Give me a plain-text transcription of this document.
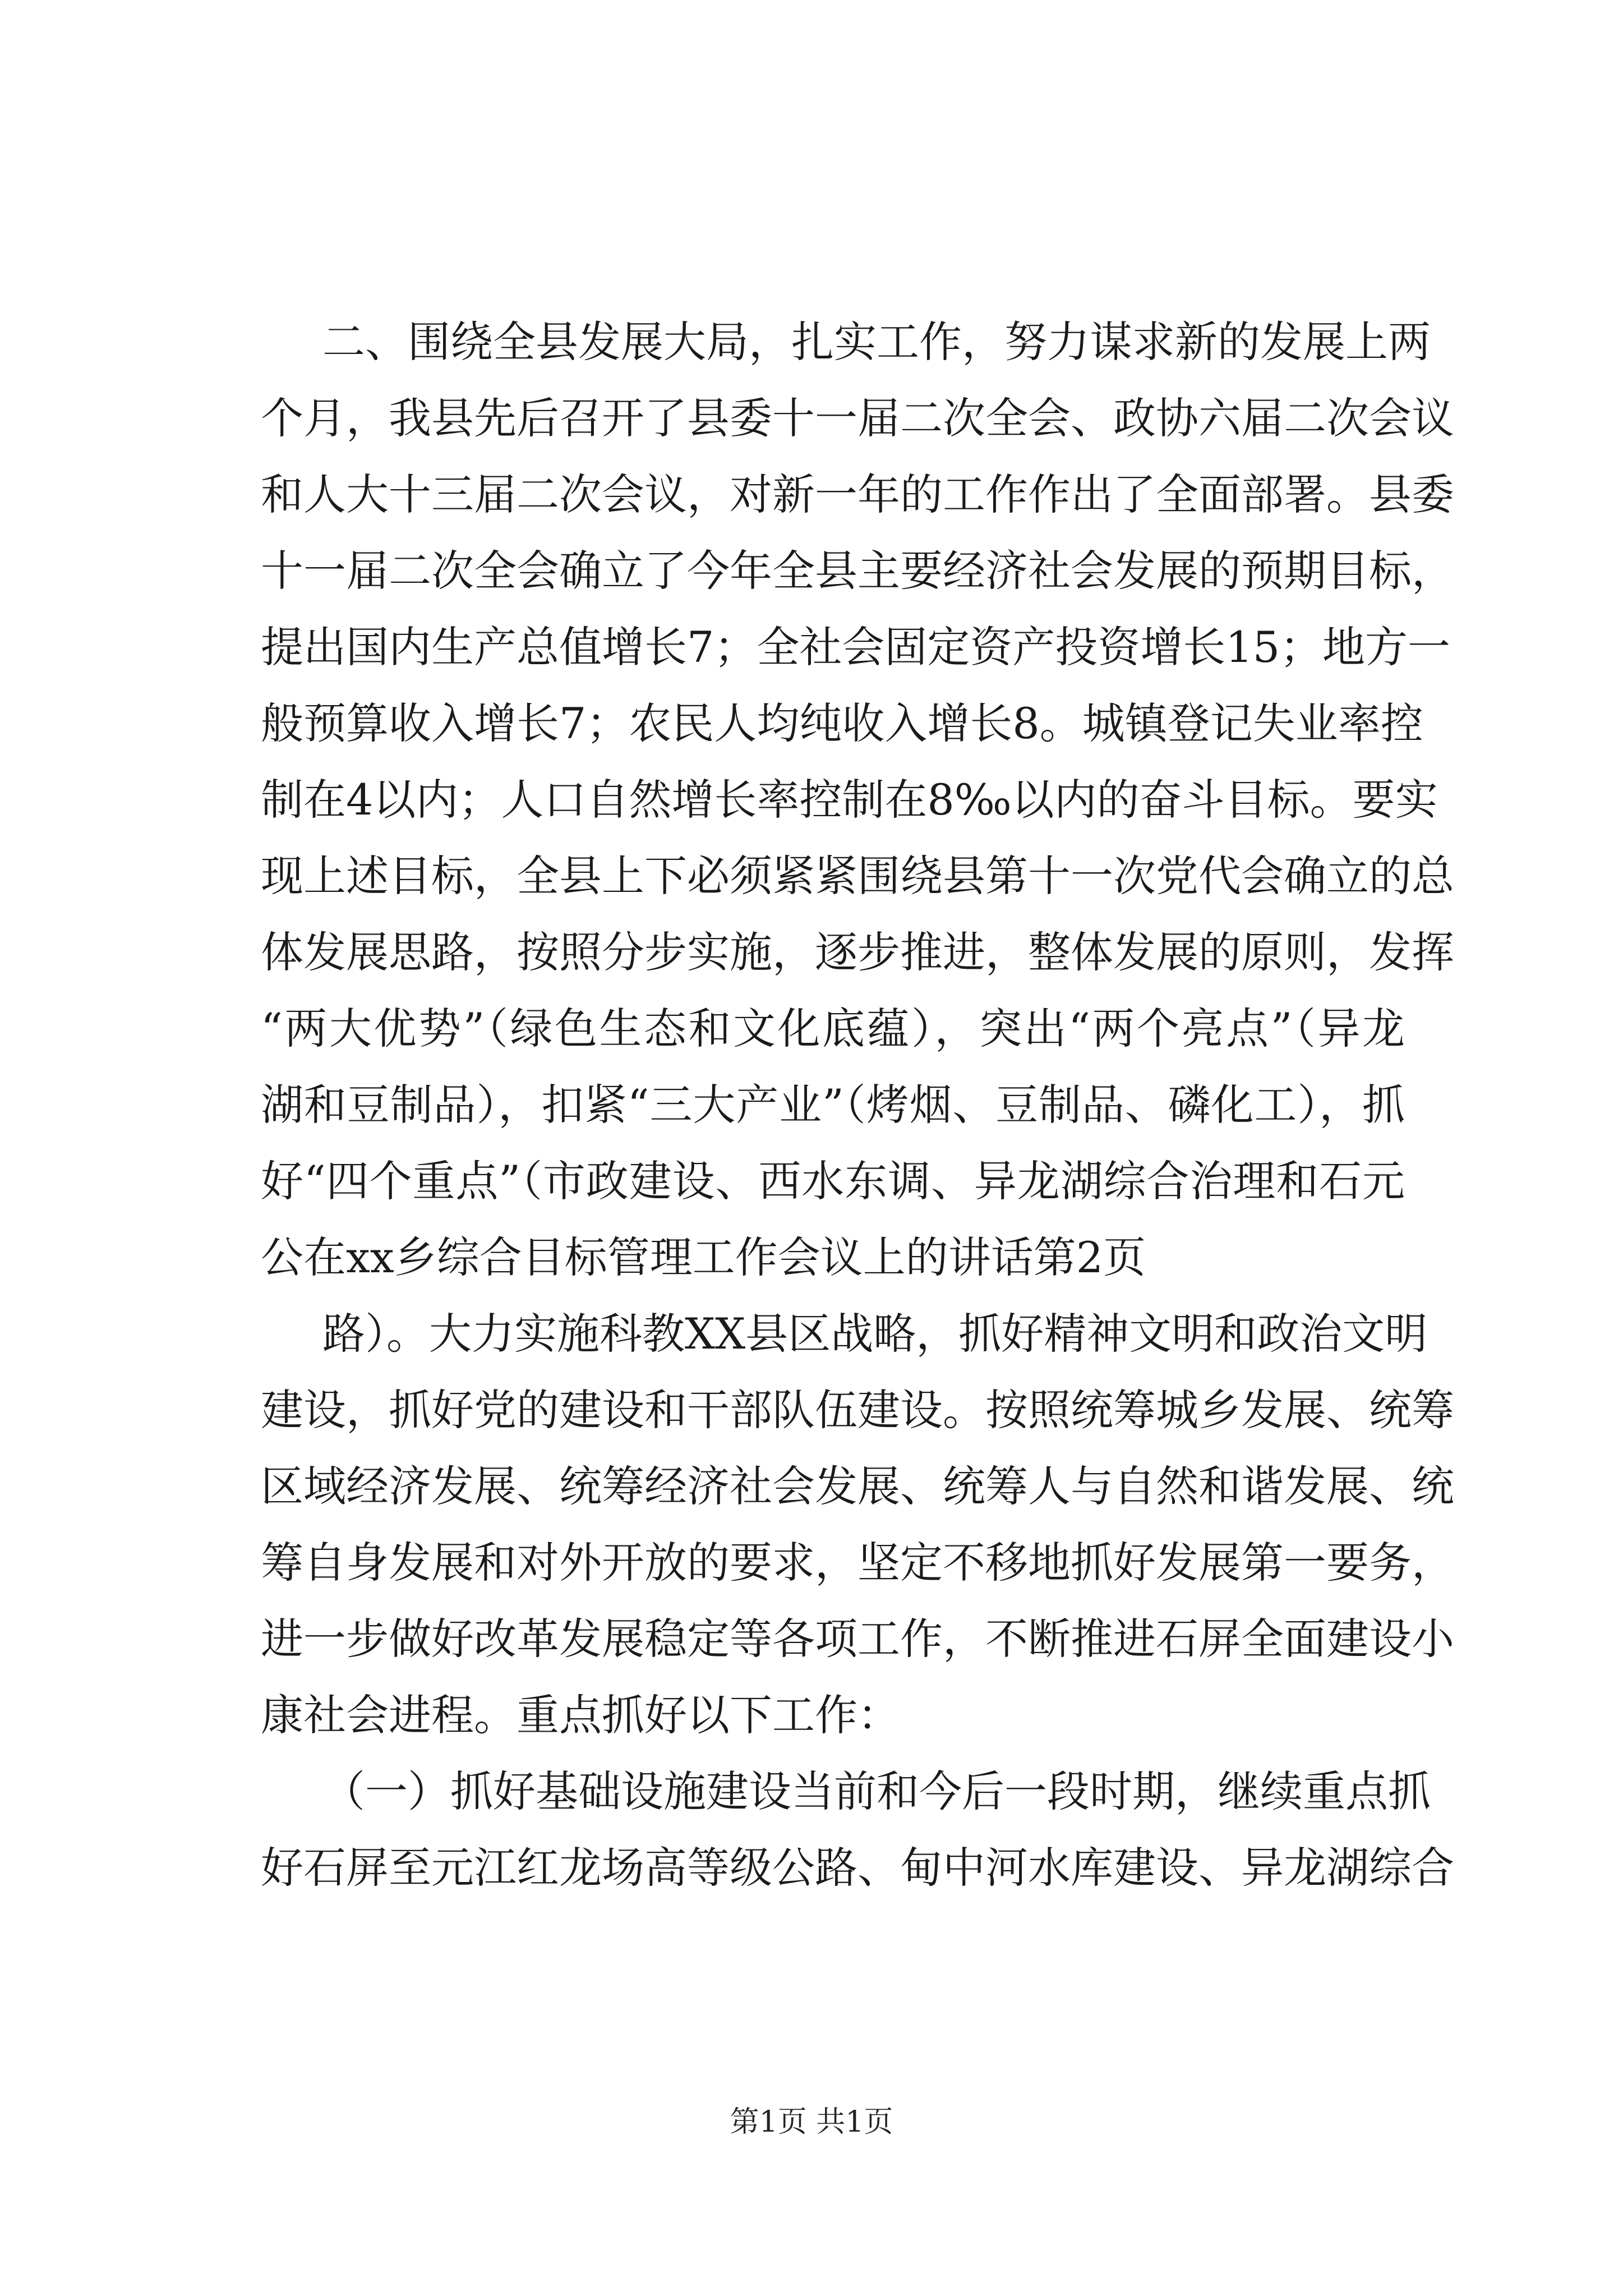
二、围绕全县发展大局，扎实工作，努力谋求新的发展上两
个月，我县先后召开了县委十一届二次全会、政协六届二次会议
和人大十三届二次会议，对新一年的工作作出了全面部署。县委
十一届二次全会确立了今年全县主要经济社会发展的预期目标，
提出国内生产总值增长7；全社会固定资产投资增长15；地方一
般预算收入增长7；农民人均纯收入增长8。城镇登记失业率控
制在4以内；人口自然增长率控制在8‰以内的奋斗目标。要实
现上述目标，全县上下必须紧紧围绕县第十一次党代会确立的总
体发展思路，按照分步实施，逐步推进，整体发展的原则，发挥
“两大优势”（绿色生态和文化底蕴），突出“两个亮点”（异龙
湖和豆制品），扣紧“三大产业”（烤烟、豆制品、磷化工），抓
好“四个重点”（市政建设、西水东调、异龙湖综合治理和石元
公在xx乡综合目标管理工作会议上的讲话第2页
路）。大力实施科教XX县区战略，抓好精神文明和政治文明
建设，抓好党的建设和干部队伍建设。按照统筹城乡发展、统筹
区域经济发展、统筹经济社会发展、统筹人与自然和谐发展、统
筹自身发展和对外开放的要求，坚定不移地抓好发展第一要务，
进一步做好改革发展稳定等各项工作，不断推进石屏全面建设小
康社会进程。重点抓好以下工作：
（一）抓好基础设施建设当前和今后一段时期，继续重点抓
好石屏至元江红龙场高等级公路、甸中河水库建设、异龙湖综合
第1页 共1页
